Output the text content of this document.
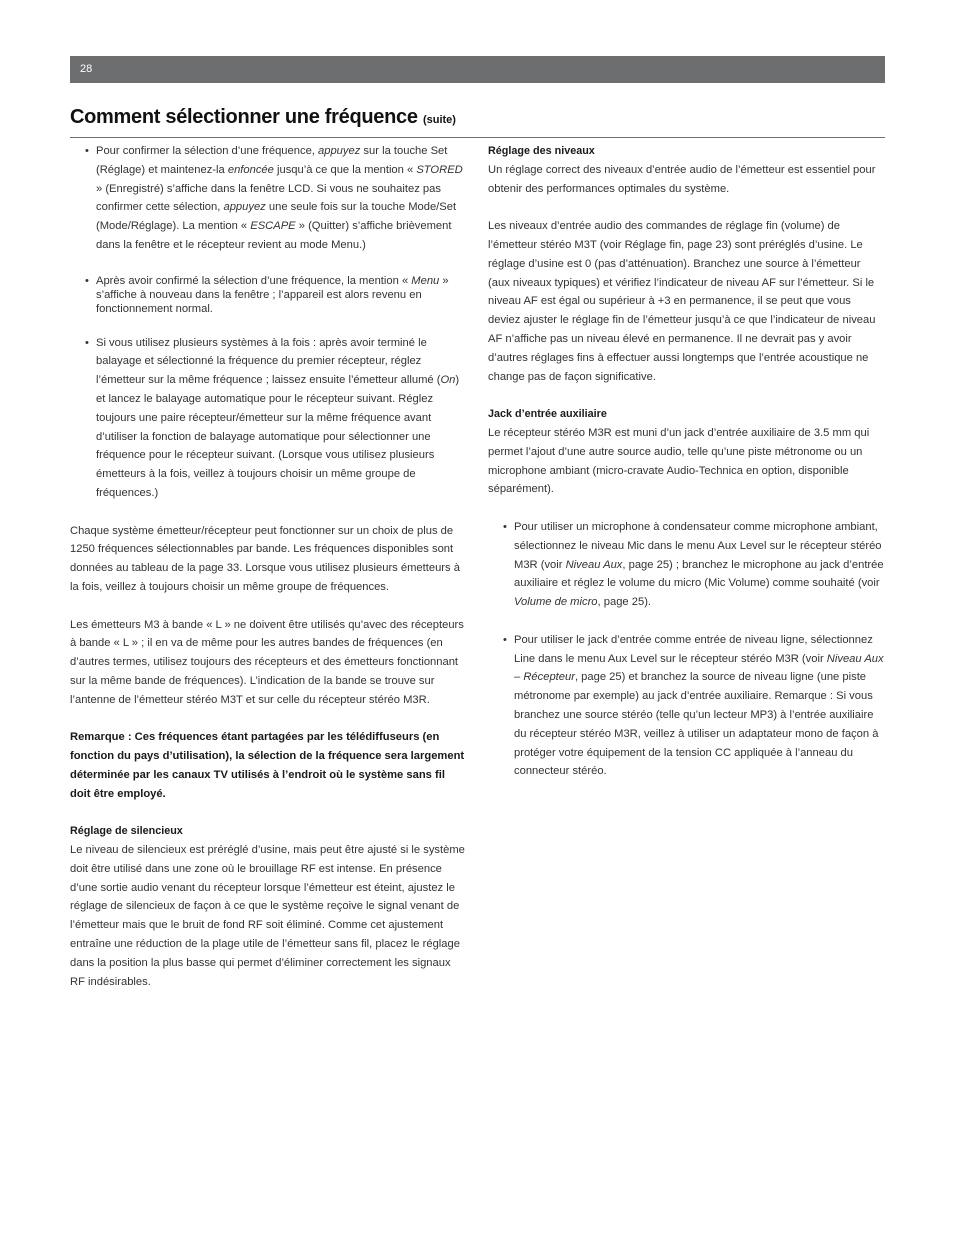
28
Comment sélectionner une fréquence (suite)
• Pour confirmer la sélection d’une fréquence, appuyez sur la touche Set (Réglage) et maintenez-la enfoncée jusqu’à ce que la mention « STORED » (Enregistré) s’affiche dans la fenêtre LCD. Si vous ne souhaitez pas confirmer cette sélection, appuyez une seule fois sur la touche Mode/Set (Mode/Réglage). La mention « ESCAPE » (Quitter) s’affiche brièvement dans la fenêtre et le récepteur revient au mode Menu.)
• Après avoir confirmé la sélection d’une fréquence, la mention « Menu » s’affiche à nouveau dans la fenêtre ; l’appareil est alors revenu en fonctionnement normal.
• Si vous utilisez plusieurs systèmes à la fois : après avoir terminé le balayage et sélectionné la fréquence du premier récepteur, réglez l’émetteur sur la même fréquence ; laissez ensuite l’émetteur allumé (On) et lancez le balayage automatique pour le récepteur suivant. Réglez toujours une paire récepteur/émetteur sur la même fréquence avant d’utiliser la fonction de balayage automatique pour sélectionner une fréquence pour le récepteur suivant. (Lorsque vous utilisez plusieurs émetteurs à la fois, veillez à toujours choisir un même groupe de fréquences.)

Chaque système émetteur/récepteur peut fonctionner sur un choix de plus de 1250 fréquences sélectionnables par bande. Les fréquences disponibles sont données au tableau de la page 33. Lorsque vous utilisez plusieurs émetteurs à la fois, veillez à toujours choisir un même groupe de fréquences.

Les émetteurs M3 à bande « L » ne doivent être utilisés qu’avec des récepteurs à bande « L » ; il en va de même pour les autres bandes de fréquences (en d’autres termes, utilisez toujours des récepteurs et des émetteurs fonctionnant sur la même bande de fréquences). L’indication de la bande se trouve sur l’antenne de l’émetteur stéréo M3T et sur celle du récepteur stéréo M3R.

Remarque : Ces fréquences étant partagées par les télédiffuseurs (en fonction du pays d’utilisation), la sélection de la fréquence sera largement déterminée par les canaux TV utilisés à l’endroit où le système sans fil doit être employé.

Réglage de silencieux

Le niveau de silencieux est préréglé d’usine, mais peut être ajusté si le système doit être utilisé dans une zone où le brouillage RF est intense. En présence d’une sortie audio venant du récepteur lorsque l’émetteur est éteint, ajustez le réglage de silencieux de façon à ce que le système reçoive le signal venant de l’émetteur mais que le bruit de fond RF soit éliminé. Comme cet ajustement entraîne une réduction de la plage utile de l’émetteur sans fil, placez le réglage dans la position la plus basse qui permet d’éliminer correctement les signaux RF indésirables.

Réglage des niveaux

Un réglage correct des niveaux d’entrée audio de l’émetteur est essentiel pour obtenir des performances optimales du système.

Les niveaux d’entrée audio des commandes de réglage fin (volume) de l’émetteur stéréo M3T (voir Réglage fin, page 23) sont préréglés d’usine. Le réglage d’usine est 0 (pas d’atténuation). Branchez une source à l’émetteur (aux niveaux typiques) et vérifiez l’indicateur de niveau AF sur l’émetteur. Si le niveau AF est égal ou supérieur à +3 en permanence, il se peut que vous deviez ajuster le réglage fin de l’émetteur jusqu’à ce que l’indicateur de niveau AF n’affiche pas un niveau élevé en permanence. Il ne devrait pas y avoir d’autres réglages fins à effectuer aussi longtemps que l’entrée acoustique ne change pas de façon significative.

Jack d’entrée auxiliaire

Le récepteur stéréo M3R est muni d’un jack d’entrée auxiliaire de 3.5 mm qui permet l’ajout d’une autre source audio, telle qu’une piste métronome ou un microphone ambiant (micro-cravate Audio-Technica en option, disponible séparément).

• Pour utiliser un microphone à condensateur comme microphone ambiant, sélectionnez le niveau Mic dans le menu Aux Level sur le récepteur stéréo M3R (voir Niveau Aux, page 25) ; branchez le microphone au jack d’entrée auxiliaire et réglez le volume du micro (Mic Volume) comme souhaité (voir Volume de micro, page 25).
• Pour utiliser le jack d’entrée comme entrée de niveau ligne, sélectionnez Line dans le menu Aux Level sur le récepteur stéréo M3R (voir Niveau Aux – Récepteur, page 25) et branchez la source de niveau ligne (une piste métronome par exemple) au jack d’entrée auxiliaire. Remarque : Si vous branchez une source stéréo (telle qu’un lecteur MP3) à l’entrée auxiliaire du récepteur stéréo M3R, veillez à utiliser un adaptateur mono de façon à protéger votre équipement de la tension CC appliquée à l’anneau du connecteur stéréo.
